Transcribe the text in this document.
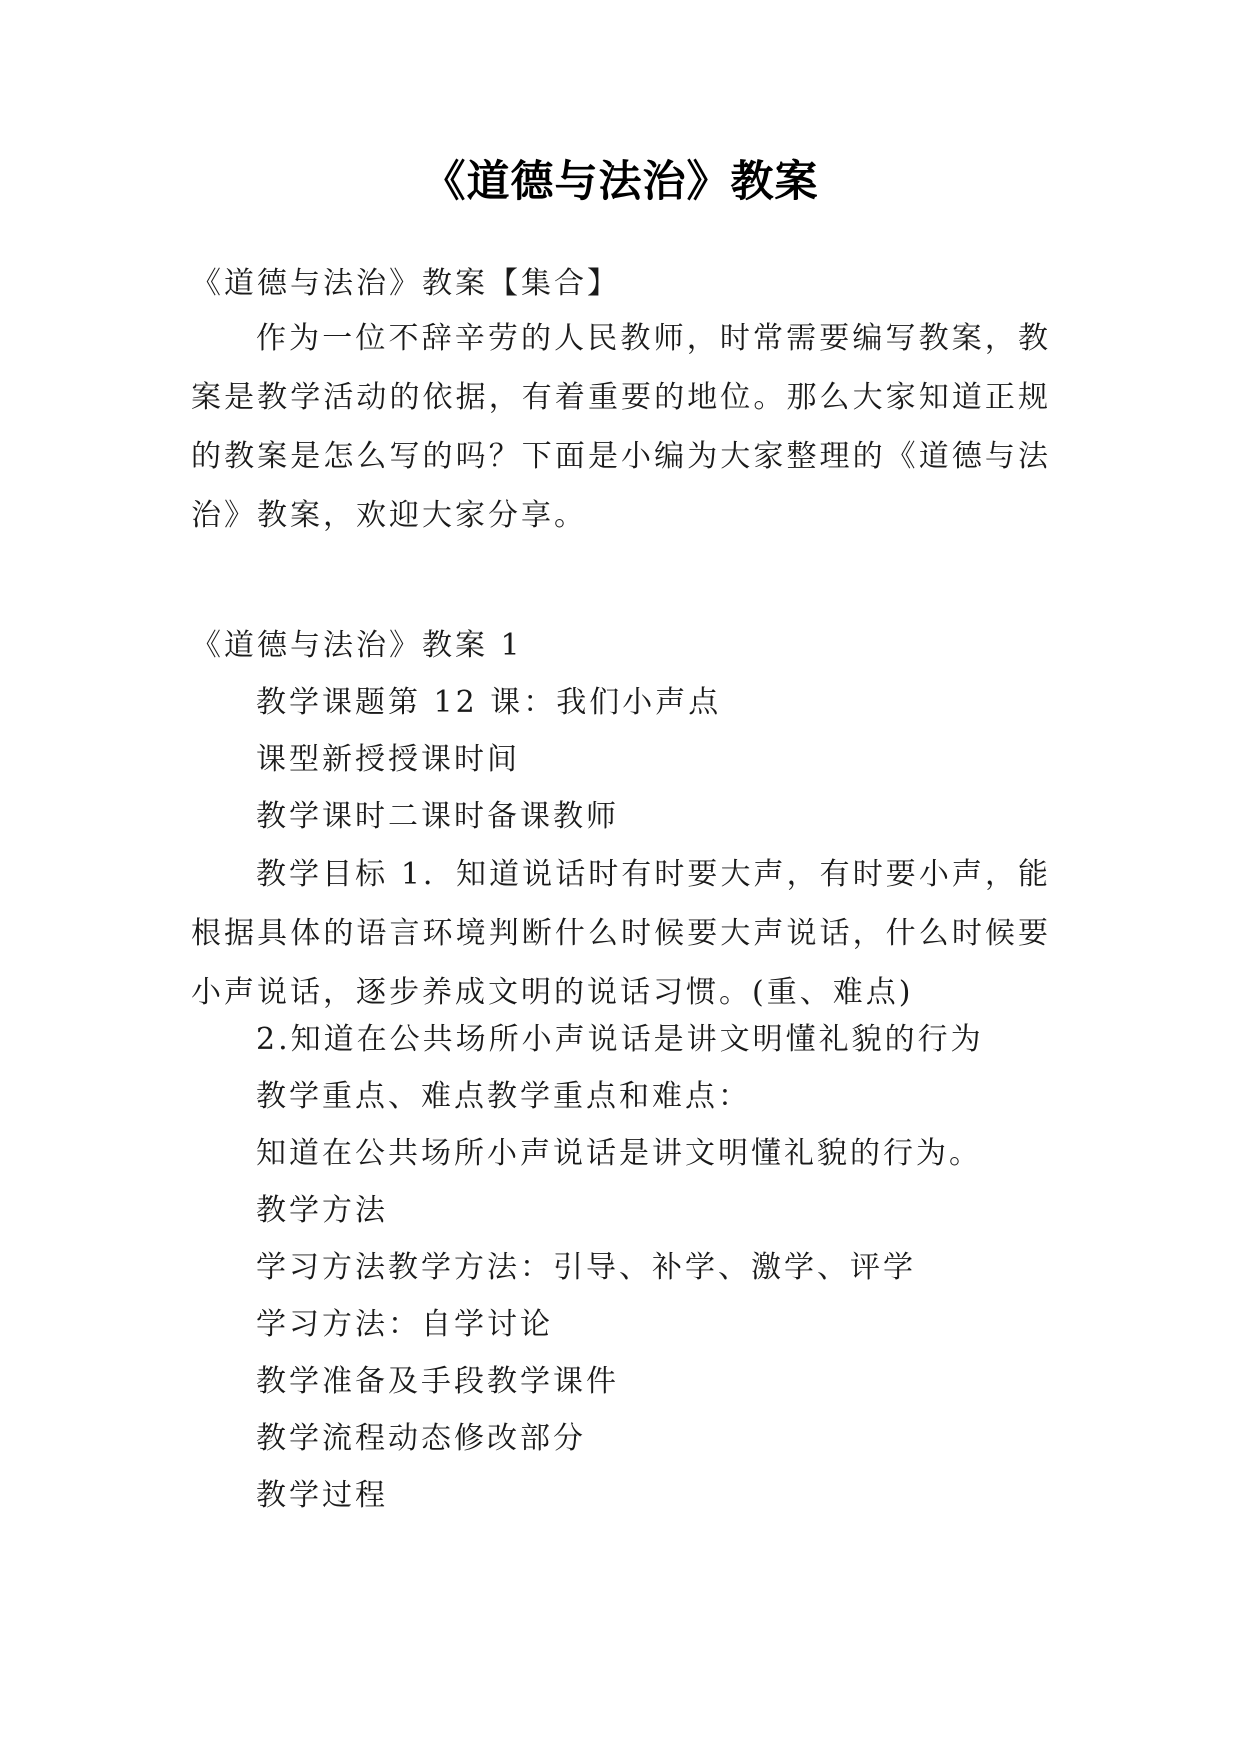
《道德与法治》教案
《道德与法治》教案【集合】
作为一位不辞辛劳的人民教师，时常需要编写教案，教案是教学活动的依据，有着重要的地位。那么大家知道正规的教案是怎么写的吗？下面是小编为大家整理的《道德与法治》教案，欢迎大家分享。
《道德与法治》教案 1
教学课题第 12 课：我们小声点
课型新授授课时间
教学课时二课时备课教师
教学目标 1．知道说话时有时要大声，有时要小声，能根据具体的语言环境判断什么时候要大声说话，什么时候要小声说话，逐步养成文明的说话习惯。(重、难点)
2.知道在公共场所小声说话是讲文明懂礼貌的行为
教学重点、难点教学重点和难点：
知道在公共场所小声说话是讲文明懂礼貌的行为。
教学方法
学习方法教学方法：引导、补学、激学、评学
学习方法：自学讨论
教学准备及手段教学课件
教学流程动态修改部分
教学过程
